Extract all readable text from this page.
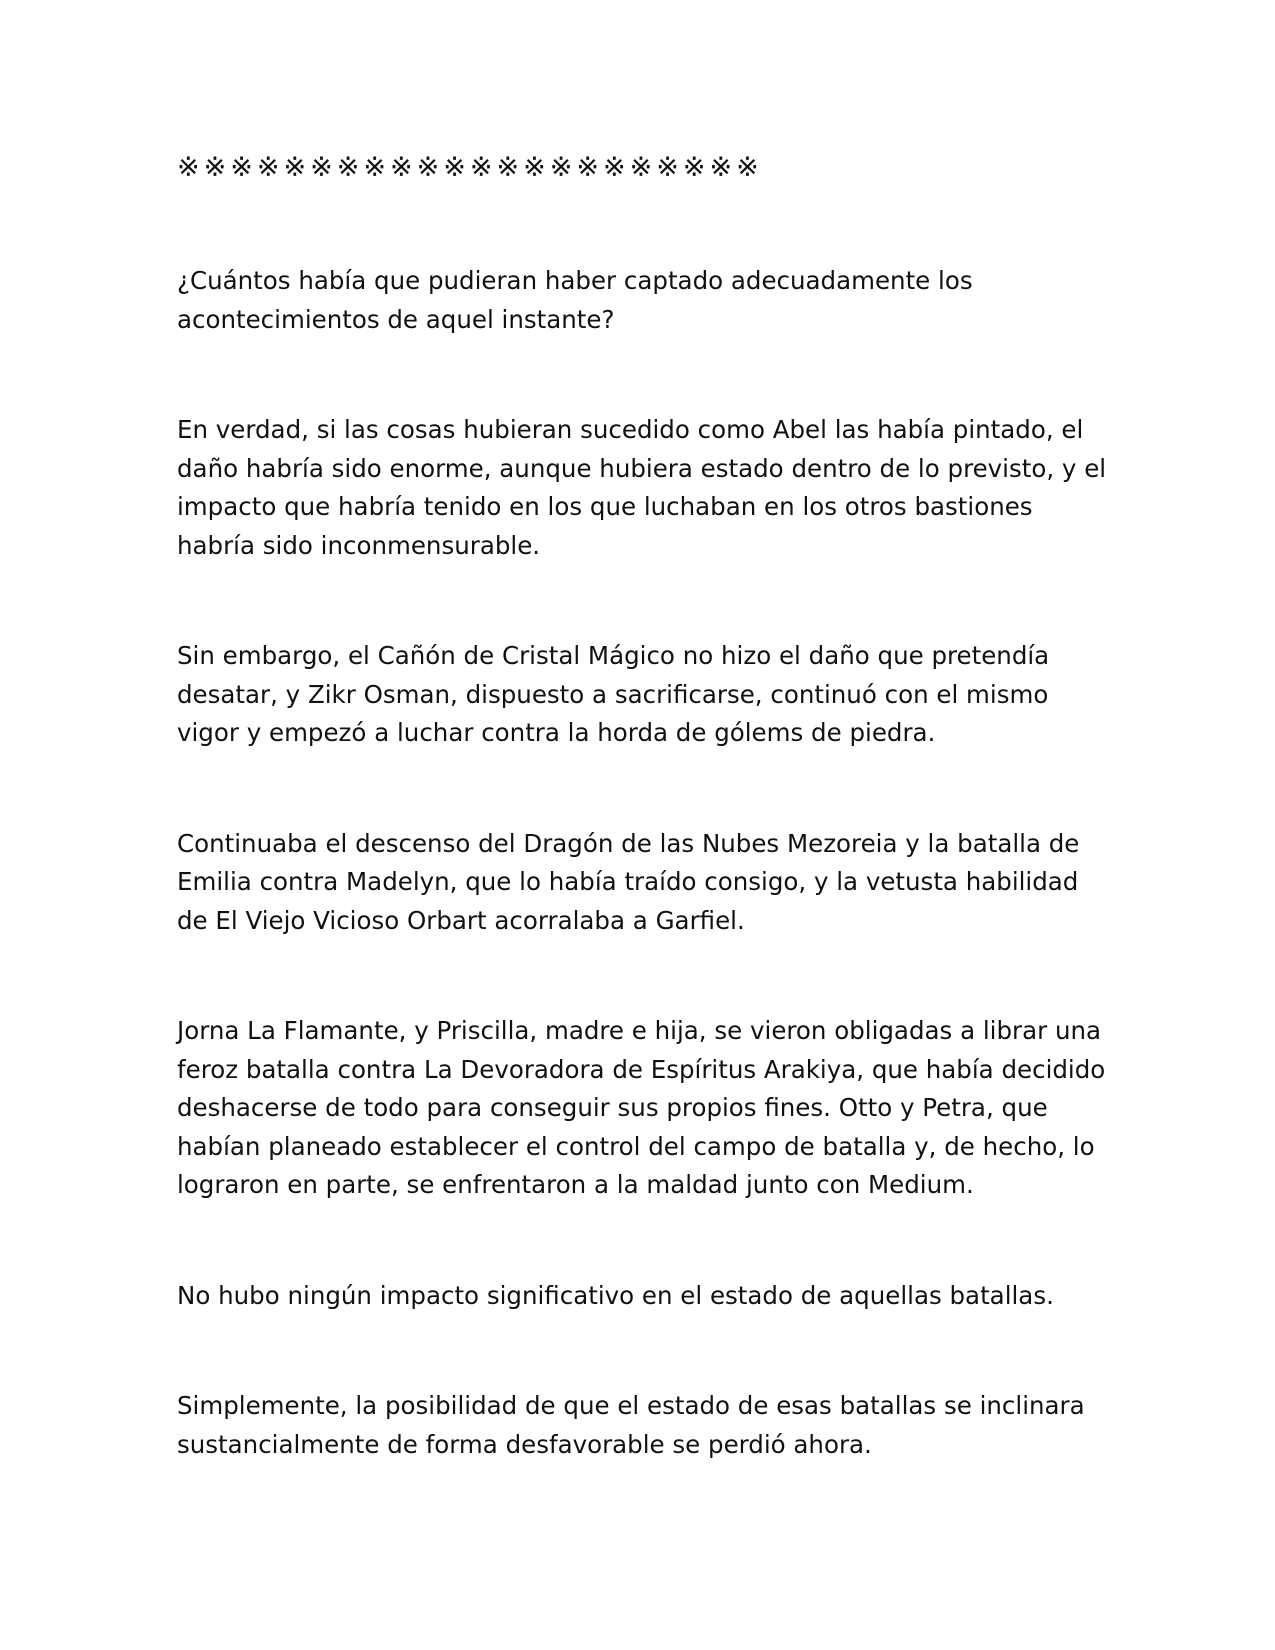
※※※※※※※※※※※※※※※※※※※※※※

¿Cuántos había que pudieran haber captado adecuadamente los acontecimientos de aquel instante?

En verdad, si las cosas hubieran sucedido como Abel las había pintado, el daño habría sido enorme, aunque hubiera estado dentro de lo previsto, y el impacto que habría tenido en los que luchaban en los otros bastiones habría sido inconmensurable.

Sin embargo, el Cañón de Cristal Mágico no hizo el daño que pretendía desatar, y Zikr Osman, dispuesto a sacrificarse, continuó con el mismo vigor y empezó a luchar contra la horda de gólems de piedra.

Continuaba el descenso del Dragón de las Nubes Mezoreia y la batalla de Emilia contra Madelyn, que lo había traído consigo, y la vetusta habilidad de El Viejo Vicioso Orbart acorralaba a Garfiel.

Jorna La Flamante, y Priscilla, madre e hija, se vieron obligadas a librar una feroz batalla contra La Devoradora de Espíritus Arakiya, que había decidido deshacerse de todo para conseguir sus propios fines. Otto y Petra, que habían planeado establecer el control del campo de batalla y, de hecho, lo lograron en parte, se enfrentaron a la maldad junto con Medium.

No hubo ningún impacto significativo en el estado de aquellas batallas.

Simplemente, la posibilidad de que el estado de esas batallas se inclinara sustancialmente de forma desfavorable se perdió ahora.
